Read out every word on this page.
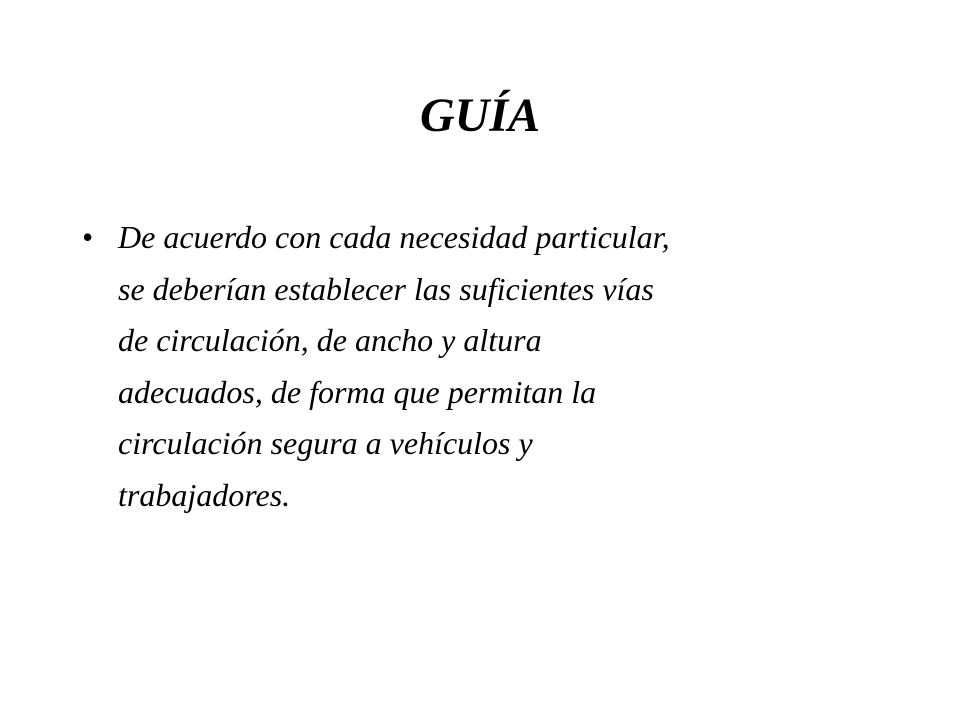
GUÍA
• De acuerdo con cada necesidad particular, se deberían establecer las suficientes vías de circulación, de ancho y altura adecuados, de forma que permitan la circulación segura a vehículos y trabajadores.
